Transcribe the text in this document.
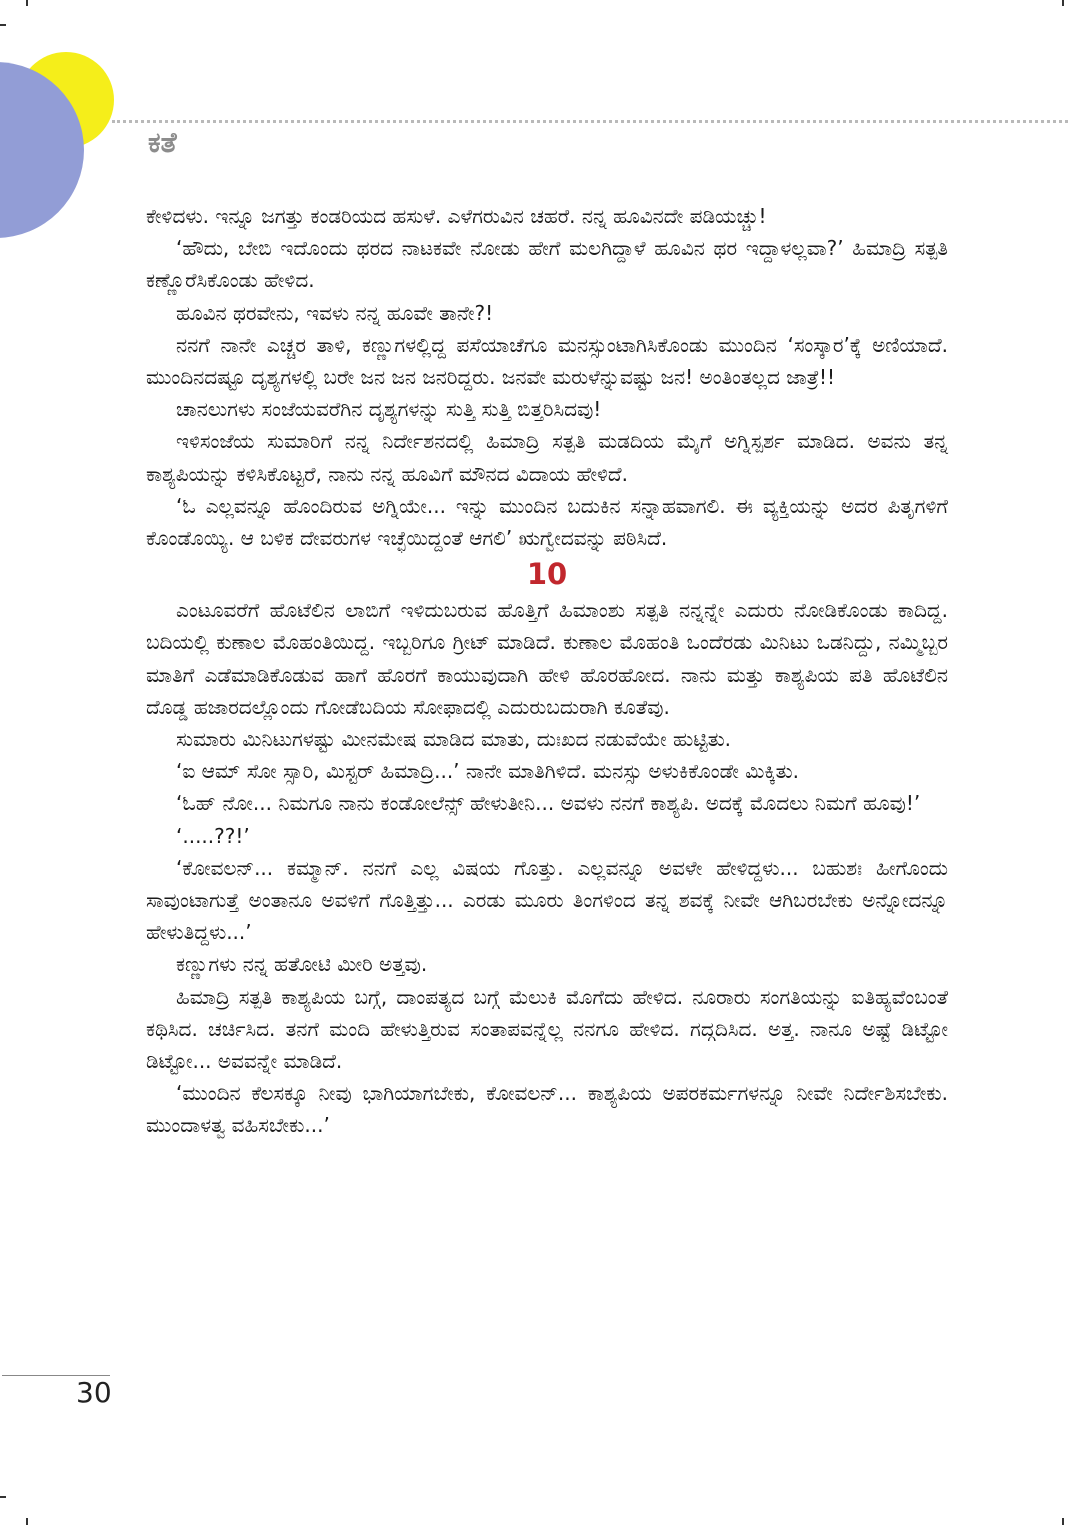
ಕತೆ

ಕೇಳಿದಳು. ಇನ್ನೂ ಜಗತ್ತು ಕಂಡರಿಯದ ಹಸುಳೆ. ಎಳೆಗರುವಿನ ಚಹರೆ. ನನ್ನ ಹೂವಿನದೇ ಪಡಿಯಚ್ಚು!

‘ಹೌದು, ಬೇಬಿ ಇದೊಂದು ಥರದ ನಾಟಕವೇ ನೋಡು ಹೇಗೆ ಮಲಗಿದ್ದಾಳೆ ಹೂವಿನ ಥರ ಇದ್ದಾಳಲ್ಲವಾ?’ ಹಿಮಾದ್ರಿ ಸತ್ಪತಿ ಕಣ್ಣೊರೆಸಿಕೊಂಡು ಹೇಳಿದ.

ಹೂವಿನ ಥರವೇನು, ಇವಳು ನನ್ನ ಹೂವೇ ತಾನೇ?!

ನನಗೆ ನಾನೇ ಎಚ್ಚರ ತಾಳಿ, ಕಣ್ಣುಗಳಲ್ಲಿದ್ದ ಪಸೆಯಾಚೆಗೂ ಮನಸ್ಸುಂಟಾಗಿಸಿಕೊಂಡು ಮುಂದಿನ ‘ಸಂಸ್ಕಾರ’ಕ್ಕೆ ಅಣಿಯಾದೆ. ಮುಂದಿನದಷ್ಟೂ ದೃಶ್ಯಗಳಲ್ಲಿ ಬರೇ ಜನ ಜನ ಜನರಿದ್ದರು. ಜನವೇ ಮರುಳೆನ್ನುವಷ್ಟು ಜನ! ಅಂತಿಂತಲ್ಲದ ಜಾತ್ರೆ!!

ಚಾನಲುಗಳು ಸಂಜೆಯವರೆಗಿನ ದೃಶ್ಯಗಳನ್ನು ಸುತ್ತಿ ಸುತ್ತಿ ಬಿತ್ತರಿಸಿದವು!

ಇಳಿಸಂಜೆಯ ಸುಮಾರಿಗೆ ನನ್ನ ನಿರ್ದೇಶನದಲ್ಲಿ ಹಿಮಾದ್ರಿ ಸತ್ಪತಿ ಮಡದಿಯ ಮೈಗೆ ಅಗ್ನಿಸ್ಪರ್ಶ ಮಾಡಿದ. ಅವನು ತನ್ನ ಕಾಶ್ಯಪಿಯನ್ನು ಕಳಿಸಿಕೊಟ್ಟರೆ, ನಾನು ನನ್ನ ಹೂವಿಗೆ ಮೌನದ ವಿದಾಯ ಹೇಳಿದೆ.

‘ಓ ಎಲ್ಲವನ್ನೂ ಹೊಂದಿರುವ ಅಗ್ನಿಯೇ... ಇನ್ನು ಮುಂದಿನ ಬದುಕಿನ ಸನ್ನಾಹವಾಗಲಿ. ಈ ವ್ಯಕ್ತಿಯನ್ನು ಅದರ ಪಿತೃಗಳಿಗೆ ಕೊಂಡೊಯ್ಯಿ. ಆ ಬಳಿಕ ದೇವರುಗಳ ಇಚ್ಛೆಯಿದ್ದಂತೆ ಆಗಲಿ’ ಋಗ್ವೇದವನ್ನು ಪಠಿಸಿದೆ.

10

ಎಂಟೂವರೆಗೆ ಹೊಟೆಲಿನ ಲಾಬಿಗೆ ಇಳಿದುಬರುವ ಹೊತ್ತಿಗೆ ಹಿಮಾಂಶು ಸತ್ಪತಿ ನನ್ನನ್ನೇ ಎದುರು ನೋಡಿಕೊಂಡು ಕಾದಿದ್ದ. ಬದಿಯಲ್ಲಿ ಕುಣಾಲ ಮೊಹಂತಿಯಿದ್ದ. ಇಬ್ಬರಿಗೂ ಗ್ರೀಟ್ ಮಾಡಿದೆ. ಕುಣಾಲ ಮೊಹಂತಿ ಒಂದೆರಡು ಮಿನಿಟು ಒಡನಿದ್ದು, ನಮ್ಮಿಬ್ಬರ ಮಾತಿಗೆ ಎಡೆಮಾಡಿಕೊಡುವ ಹಾಗೆ ಹೊರಗೆ ಕಾಯುವುದಾಗಿ ಹೇಳಿ ಹೊರಹೋದ. ನಾನು ಮತ್ತು ಕಾಶ್ಯಪಿಯ ಪತಿ ಹೊಟೆಲಿನ ದೊಡ್ಡ ಹಜಾರದಲ್ಲೊಂದು ಗೋಡೆಬದಿಯ ಸೋಫಾದಲ್ಲಿ ಎದುರುಬದುರಾಗಿ ಕೂತೆವು.

ಸುಮಾರು ಮಿನಿಟುಗಳಷ್ಟು ಮೀನಮೇಷ ಮಾಡಿದ ಮಾತು, ದುಃಖದ ನಡುವೆಯೇ ಹುಟ್ಟಿತು.

‘ಐ ಆಮ್ ಸೋ ಸ್ಸಾರಿ, ಮಿಸ್ಟರ್ ಹಿಮಾದ್ರಿ...’ ನಾನೇ ಮಾತಿಗಿಳಿದೆ. ಮನಸ್ಸು ಅಳುಕಿಕೊಂಡೇ ಮಿಕ್ಕಿತು.

‘ಓಹ್ ನೋ... ನಿಮಗೂ ನಾನು ಕಂಡೋಲೆನ್ಸ್ ಹೇಳುತೀನಿ... ಅವಳು ನನಗೆ ಕಾಶ್ಯಪಿ. ಅದಕ್ಕೆ ಮೊದಲು ನಿಮಗೆ ಹೂವು!’

‘.....??!’

‘ಕೋವಲನ್... ಕಮ್ಮಾನ್. ನನಗೆ ಎಲ್ಲ ವಿಷಯ ಗೊತ್ತು. ಎಲ್ಲವನ್ನೂ ಅವಳೇ ಹೇಳಿದ್ದಳು... ಬಹುಶಃ ಹೀಗೊಂದು ಸಾವುಂಟಾಗುತ್ತೆ ಅಂತಾನೂ ಅವಳಿಗೆ ಗೊತ್ತಿತ್ತು... ಎರಡು ಮೂರು ತಿಂಗಳಿಂದ ತನ್ನ ಶವಕ್ಕೆ ನೀವೇ ಆಗಿಬರಬೇಕು ಅನ್ನೋದನ್ನೂ ಹೇಳುತಿದ್ದಳು...’

ಕಣ್ಣುಗಳು ನನ್ನ ಹತೋಟಿ ಮೀರಿ ಅತ್ತವು.

ಹಿಮಾದ್ರಿ ಸತ್ಪತಿ ಕಾಶ್ಯಪಿಯ ಬಗ್ಗೆ, ದಾಂಪತ್ಯದ ಬಗ್ಗೆ ಮೆಲುಕಿ ಮೊಗೆದು ಹೇಳಿದ. ನೂರಾರು ಸಂಗತಿಯನ್ನು ಐತಿಹ್ಯವೆಂಬಂತೆ ಕಥಿಸಿದ. ಚರ್ಚಿಸಿದ. ತನಗೆ ಮಂದಿ ಹೇಳುತ್ತಿರುವ ಸಂತಾಪವನ್ನೆಲ್ಲ ನನಗೂ ಹೇಳಿದ. ಗದ್ಗದಿಸಿದ. ಅತ್ತ. ನಾನೂ ಅಷ್ಟೆ ಡಿಟ್ಟೋ ಡಿಟ್ಟೋ... ಅವವನ್ನೇ ಮಾಡಿದೆ.

‘ಮುಂದಿನ ಕೆಲಸಕ್ಕೂ ನೀವು ಭಾಗಿಯಾಗಬೇಕು, ಕೋವಲನ್... ಕಾಶ್ಯಪಿಯ ಅಪರಕರ್ಮಗಳನ್ನೂ ನೀವೇ ನಿರ್ದೇಶಿಸಬೇಕು. ಮುಂದಾಳತ್ವ ವಹಿಸಬೇಕು...’

30
